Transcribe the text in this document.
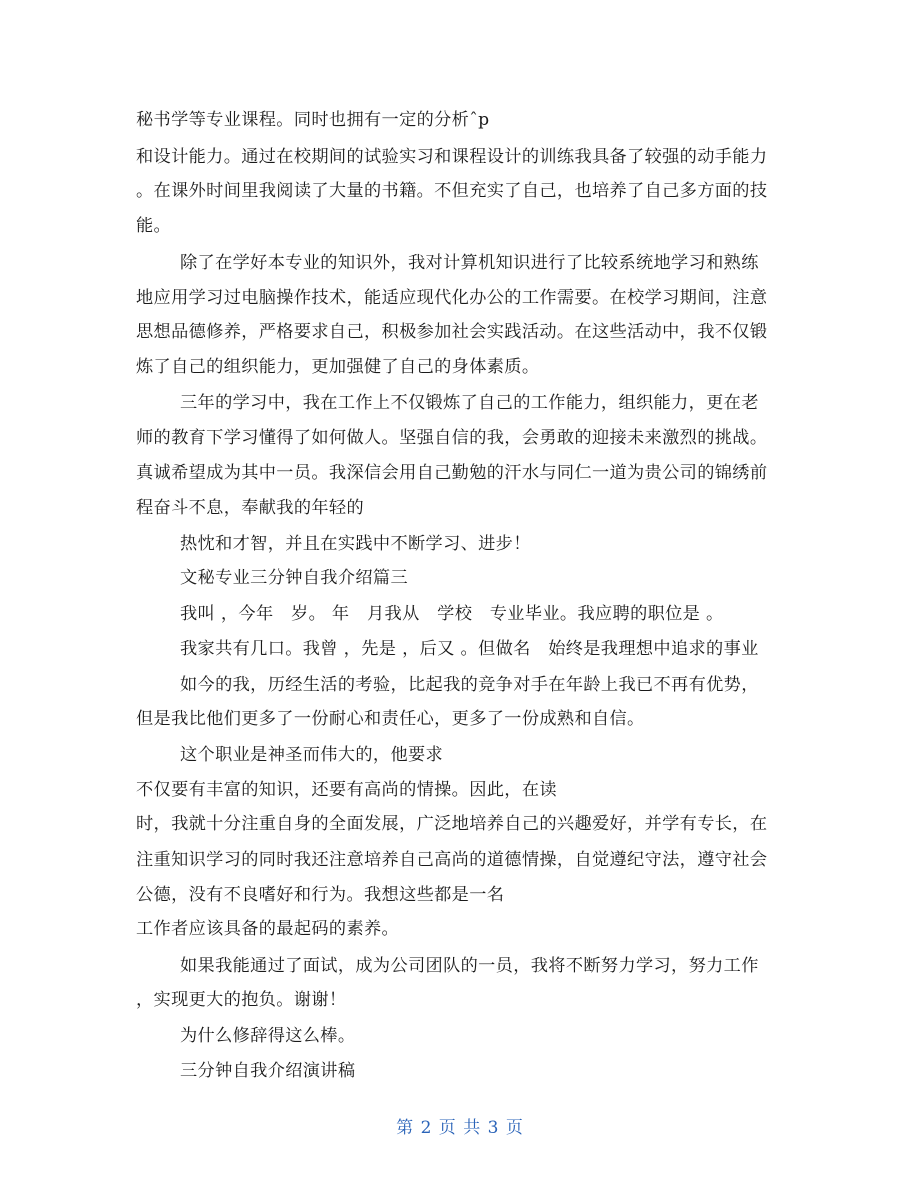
秘书学等专业课程。同时也拥有一定的分析ˆp
和设计能力。通过在校期间的试验实习和课程设计的训练我具备了较强的动手能力
。在课外时间里我阅读了大量的书籍。不但充实了自己，也培养了自己多方面的技
能。
除了在学好本专业的知识外，我对计算机知识进行了比较系统地学习和熟练
地应用学习过电脑操作技术，能适应现代化办公的工作需要。在校学习期间，注意
思想品德修养，严格要求自己，积极参加社会实践活动。在这些活动中，我不仅锻
炼了自己的组织能力，更加强健了自己的身体素质。
三年的学习中，我在工作上不仅锻炼了自己的工作能力，组织能力，更在老
师的教育下学习懂得了如何做人。坚强自信的我，会勇敢的迎接未来激烈的挑战。
真诚希望成为其中一员。我深信会用自己勤勉的汗水与同仁一道为贵公司的锦绣前
程奋斗不息，奉献我的年轻的
热忱和才智，并且在实践中不断学习、进步！
文秘专业三分钟自我介绍篇三
我叫 ，今年　岁。 年　月我从　学校　专业毕业。我应聘的职位是 。
我家共有几口。我曾 ，先是 ，后又 。但做名　始终是我理想中追求的事业
如今的我，历经生活的考验，比起我的竞争对手在年龄上我已不再有优势，
但是我比他们更多了一份耐心和责任心，更多了一份成熟和自信。
这个职业是神圣而伟大的，他要求
不仅要有丰富的知识，还要有高尚的情操。因此，在读
时，我就十分注重自身的全面发展，广泛地培养自己的兴趣爱好，并学有专长，在
注重知识学习的同时我还注意培养自己高尚的道德情操，自觉遵纪守法，遵守社会
公德，没有不良嗜好和行为。我想这些都是一名
工作者应该具备的最起码的素养。
如果我能通过了面试，成为公司团队的一员，我将不断努力学习，努力工作
，实现更大的抱负。谢谢！
为什么修辞得这么棒。
三分钟自我介绍演讲稿
第 2 页 共 3 页
